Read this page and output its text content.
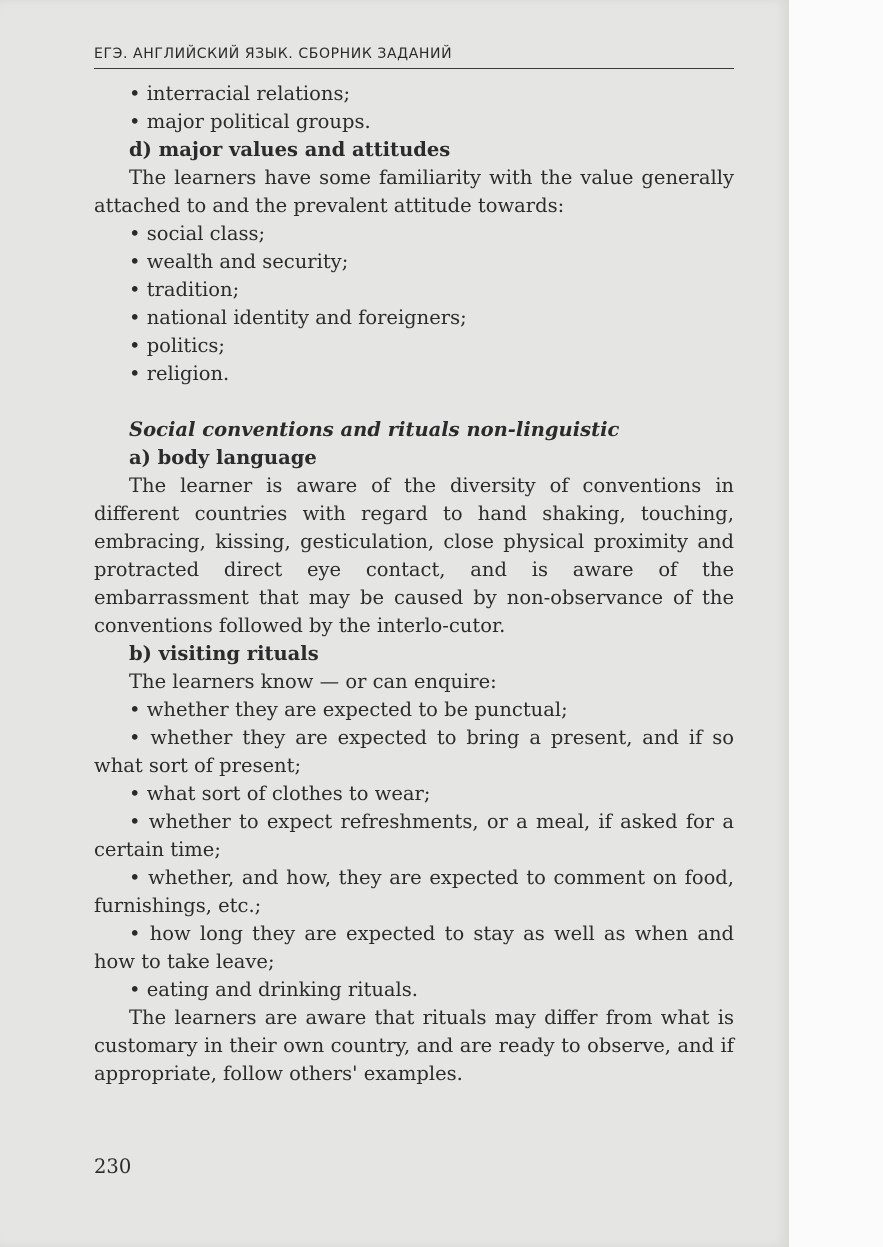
ЕГЭ. АНГЛИЙСКИЙ ЯЗЫК. СБОРНИК ЗАДАНИЙ

• interracial relations;

• major political groups.

d) major values and attitudes

The learners have some familiarity with the value generally attached to and the prevalent attitude towards:

• social class;

• wealth and security;

• tradition;

• national identity and foreigners;

• politics;

• religion.

Social conventions and rituals non-linguistic

a) body language

The learner is aware of the diversity of conventions in different countries with regard to hand shaking, touching, embracing, kissing, gesticulation, close physical proximity and protracted direct eye contact, and is aware of the embarrassment that may be caused by non-observance of the conventions followed by the interlo-cutor.

b) visiting rituals

The learners know — or can enquire:

• whether they are expected to be punctual;

• whether they are expected to bring a present, and if so what sort of present;

• what sort of clothes to wear;

• whether to expect refreshments, or a meal, if asked for a certain time;

• whether, and how, they are expected to comment on food, furnishings, etc.;

• how long they are expected to stay as well as when and how to take leave;

• eating and drinking rituals.

The learners are aware that rituals may differ from what is customary in their own country, and are ready to observe, and if appropriate, follow others' examples.

230
